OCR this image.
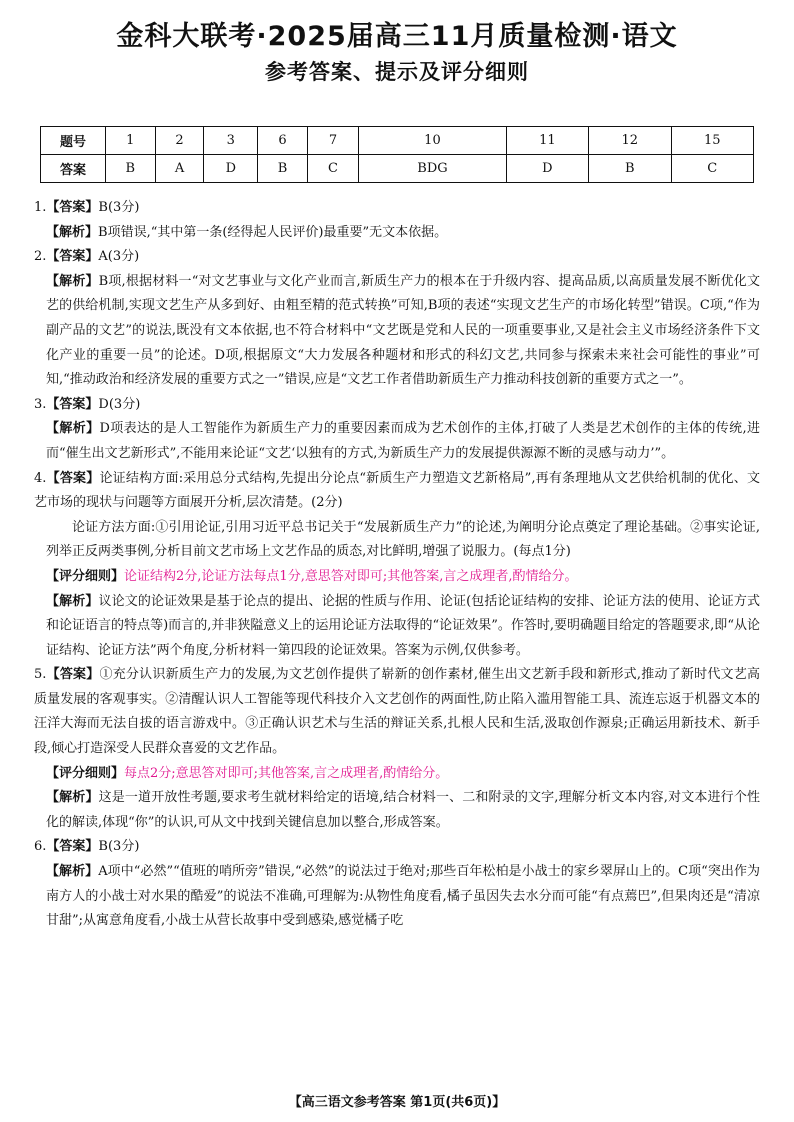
金科大联考·2025届高三11月质量检测·语文
参考答案、提示及评分细则
题号	1	2	3	6	7	10	11	12	15
答案	B	A	D	B	C	BDG	D	B	C

1.【答案】B(3分)

【解析】B项错误,“其中第一条(经得起人民评价)最重要”无文本依据。

2.【答案】A(3分)

【解析】B项,根据材料一“对文艺事业与文化产业而言,新质生产力的根本在于升级内容、提高品质,以高质量发展不断优化文艺的供给机制,实现文艺生产从多到好、由粗至精的范式转换”可知,B项的表述“实现文艺生产的市场化转型”错误。C项,“作为副产品的文艺”的说法,既没有文本依据,也不符合材料中“文艺既是党和人民的一项重要事业,又是社会主义市场经济条件下文化产业的重要一员”的论述。D项,根据原文“大力发展各种题材和形式的科幻文艺,共同参与探索未来社会可能性的事业”可知,“推动政治和经济发展的重要方式之一”错误,应是“文艺工作者借助新质生产力推动科技创新的重要方式之一”。

3.【答案】D(3分)

【解析】D项表达的是人工智能作为新质生产力的重要因素而成为艺术创作的主体,打破了人类是艺术创作的主体的传统,进而“催生出文艺新形式”,不能用来论证“文艺‘以独有的方式,为新质生产力的发展提供源源不断的灵感与动力’”。

4.【答案】论证结构方面:采用总分式结构,先提出分论点“新质生产力塑造文艺新格局”,再有条理地从文艺供给机制的优化、文艺市场的现状与问题等方面展开分析,层次清楚。(2分)

论证方法方面:①引用论证,引用习近平总书记关于“发展新质生产力”的论述,为阐明分论点奠定了理论基础。②事实论证,列举正反两类事例,分析目前文艺市场上文艺作品的质态,对比鲜明,增强了说服力。(每点1分)

【评分细则】论证结构2分,论证方法每点1分,意思答对即可;其他答案,言之成理者,酌情给分。

【解析】议论文的论证效果是基于论点的提出、论据的性质与作用、论证(包括论证结构的安排、论证方法的使用、论证方式和论证语言的特点等)而言的,并非狭隘意义上的运用论证方法取得的“论证效果”。作答时,要明确题目给定的答题要求,即“从论证结构、论证方法”两个角度,分析材料一第四段的论证效果。答案为示例,仅供参考。

5.【答案】①充分认识新质生产力的发展,为文艺创作提供了崭新的创作素材,催生出文艺新手段和新形式,推动了新时代文艺高质量发展的客观事实。②清醒认识人工智能等现代科技介入文艺创作的两面性,防止陷入滥用智能工具、流连忘返于机器文本的汪洋大海而无法自拔的语言游戏中。③正确认识艺术与生活的辩证关系,扎根人民和生活,汲取创作源泉;正确运用新技术、新手段,倾心打造深受人民群众喜爱的文艺作品。

【评分细则】每点2分;意思答对即可;其他答案,言之成理者,酌情给分。

【解析】这是一道开放性考题,要求考生就材料给定的语境,结合材料一、二和附录的文字,理解分析文本内容,对文本进行个性化的解读,体现“你”的认识,可从文中找到关键信息加以整合,形成答案。

6.【答案】B(3分)

【解析】A项中“必然”“值班的哨所旁”错误,“必然”的说法过于绝对;那些百年松柏是小战士的家乡翠屏山上的。C项“突出作为南方人的小战士对水果的酷爱”的说法不准确,可理解为:从物性角度看,橘子虽因失去水分而可能“有点蔫巴”,但果肉还是“清凉甘甜”;从寓意角度看,小战士从营长故事中受到感染,感觉橘子吃

【高三语文参考答案 第1页(共6页)】
